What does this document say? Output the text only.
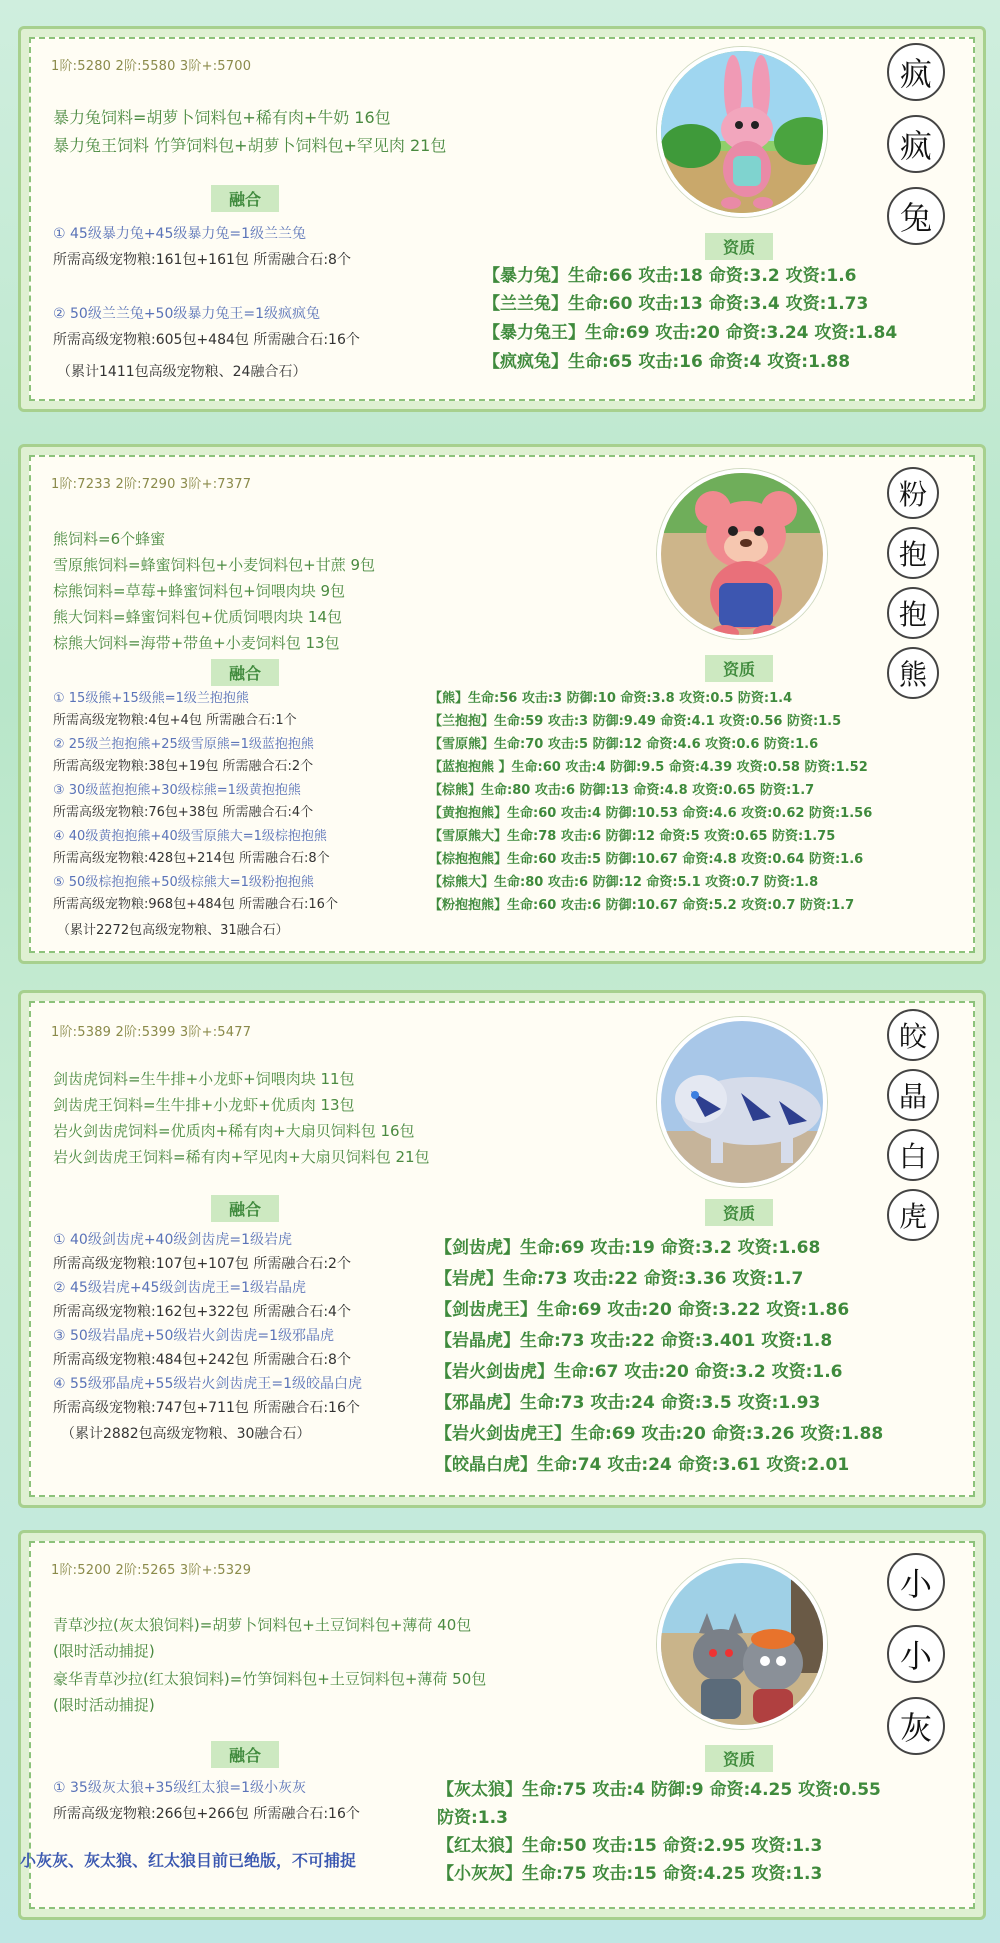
1阶:5280 2阶:5580 3阶+:5700
暴力兔饲料=胡萝卜饲料包+稀有肉+牛奶 16包
暴力兔王饲料 竹笋饲料包+胡萝卜饲料包+罕见肉 21包
融合
① 45级暴力兔+45级暴力兔=1级兰兰兔
所需高级宠物粮:161包+161包 所需融合石:8个
② 50级兰兰兔+50级暴力兔王=1级疯疯兔
所需高级宠物粮:605包+484包 所需融合石:16个
（累计1411包高级宠物粮、24融合石）
疯
疯
兔
资质
【暴力兔】生命:66 攻击:18 命资:3.2 攻资:1.6
【兰兰兔】生命:60 攻击:13 命资:3.4 攻资:1.73
【暴力兔王】生命:69 攻击:20 命资:3.24 攻资:1.84
【疯疯兔】生命:65 攻击:16 命资:4 攻资:1.88
1阶:7233 2阶:7290 3阶+:7377
熊饲料=6个蜂蜜
雪原熊饲料=蜂蜜饲料包+小麦饲料包+甘蔗 9包
棕熊饲料=草莓+蜂蜜饲料包+饲喂肉块 9包
熊大饲料=蜂蜜饲料包+优质饲喂肉块 14包
棕熊大饲料=海带+带鱼+小麦饲料包 13包
融合
① 15级熊+15级熊=1级兰抱抱熊
所需高级宠物粮:4包+4包 所需融合石:1个
② 25级兰抱抱熊+25级雪原熊=1级蓝抱抱熊
所需高级宠物粮:38包+19包 所需融合石:2个
③ 30级蓝抱抱熊+30级棕熊=1级黄抱抱熊
所需高级宠物粮:76包+38包 所需融合石:4个
④ 40级黄抱抱熊+40级雪原熊大=1级棕抱抱熊
所需高级宠物粮:428包+214包 所需融合石:8个
⑤ 50级棕抱抱熊+50级棕熊大=1级粉抱抱熊
所需高级宠物粮:968包+484包 所需融合石:16个
（累计2272包高级宠物粮、31融合石）
粉
抱
抱
熊
资质
【熊】生命:56 攻击:3 防御:10 命资:3.8 攻资:0.5 防资:1.4
【兰抱抱】生命:59 攻击:3 防御:9.49 命资:4.1 攻资:0.56 防资:1.5
【雪原熊】生命:70 攻击:5 防御:12 命资:4.6 攻资:0.6 防资:1.6
【蓝抱抱熊 】生命:60 攻击:4 防御:9.5 命资:4.39 攻资:0.58 防资:1.52
【棕熊】生命:80 攻击:6 防御:13 命资:4.8 攻资:0.65 防资:1.7
【黄抱抱熊】生命:60 攻击:4 防御:10.53 命资:4.6 攻资:0.62 防资:1.56
【雪原熊大】生命:78 攻击:6 防御:12 命资:5 攻资:0.65 防资:1.75
【棕抱抱熊】生命:60 攻击:5 防御:10.67 命资:4.8 攻资:0.64 防资:1.6
【棕熊大】生命:80 攻击:6 防御:12 命资:5.1 攻资:0.7 防资:1.8
【粉抱抱熊】生命:60 攻击:6 防御:10.67 命资:5.2 攻资:0.7 防资:1.7
1阶:5389 2阶:5399 3阶+:5477
剑齿虎饲料=生牛排+小龙虾+饲喂肉块 11包
剑齿虎王饲料=生牛排+小龙虾+优质肉 13包
岩火剑齿虎饲料=优质肉+稀有肉+大扇贝饲料包 16包
岩火剑齿虎王饲料=稀有肉+罕见肉+大扇贝饲料包 21包
融合
① 40级剑齿虎+40级剑齿虎=1级岩虎
所需高级宠物粮:107包+107包 所需融合石:2个
② 45级岩虎+45级剑齿虎王=1级岩晶虎
所需高级宠物粮:162包+322包 所需融合石:4个
③ 50级岩晶虎+50级岩火剑齿虎=1级邪晶虎
所需高级宠物粮:484包+242包 所需融合石:8个
④ 55级邪晶虎+55级岩火剑齿虎王=1级皎晶白虎
所需高级宠物粮:747包+711包 所需融合石:16个
（累计2882包高级宠物粮、30融合石）
皎
晶
白
虎
资质
【剑齿虎】生命:69 攻击:19 命资:3.2 攻资:1.68
【岩虎】生命:73 攻击:22 命资:3.36 攻资:1.7
【剑齿虎王】生命:69 攻击:20 命资:3.22 攻资:1.86
【岩晶虎】生命:73 攻击:22 命资:3.401 攻资:1.8
【岩火剑齿虎】生命:67 攻击:20 命资:3.2 攻资:1.6
【邪晶虎】生命:73 攻击:24 命资:3.5 攻资:1.93
【岩火剑齿虎王】生命:69 攻击:20 命资:3.26 攻资:1.88
【皎晶白虎】生命:74 攻击:24 命资:3.61 攻资:2.01
1阶:5200 2阶:5265 3阶+:5329
青草沙拉(灰太狼饲料)=胡萝卜饲料包+土豆饲料包+薄荷 40包
(限时活动捕捉)
豪华青草沙拉(红太狼饲料)=竹笋饲料包+土豆饲料包+薄荷 50包
(限时活动捕捉)
融合
① 35级灰太狼+35级红太狼=1级小灰灰
所需高级宠物粮:266包+266包 所需融合石:16个
小
小
灰
资质
【灰太狼】生命:75 攻击:4 防御:9 命资:4.25 攻资:0.55
防资:1.3
【红太狼】生命:50 攻击:15 命资:2.95 攻资:1.3
【小灰灰】生命:75 攻击:15 命资:4.25 攻资:1.3
小灰灰、灰太狼、红太狼目前已绝版，不可捕捉
